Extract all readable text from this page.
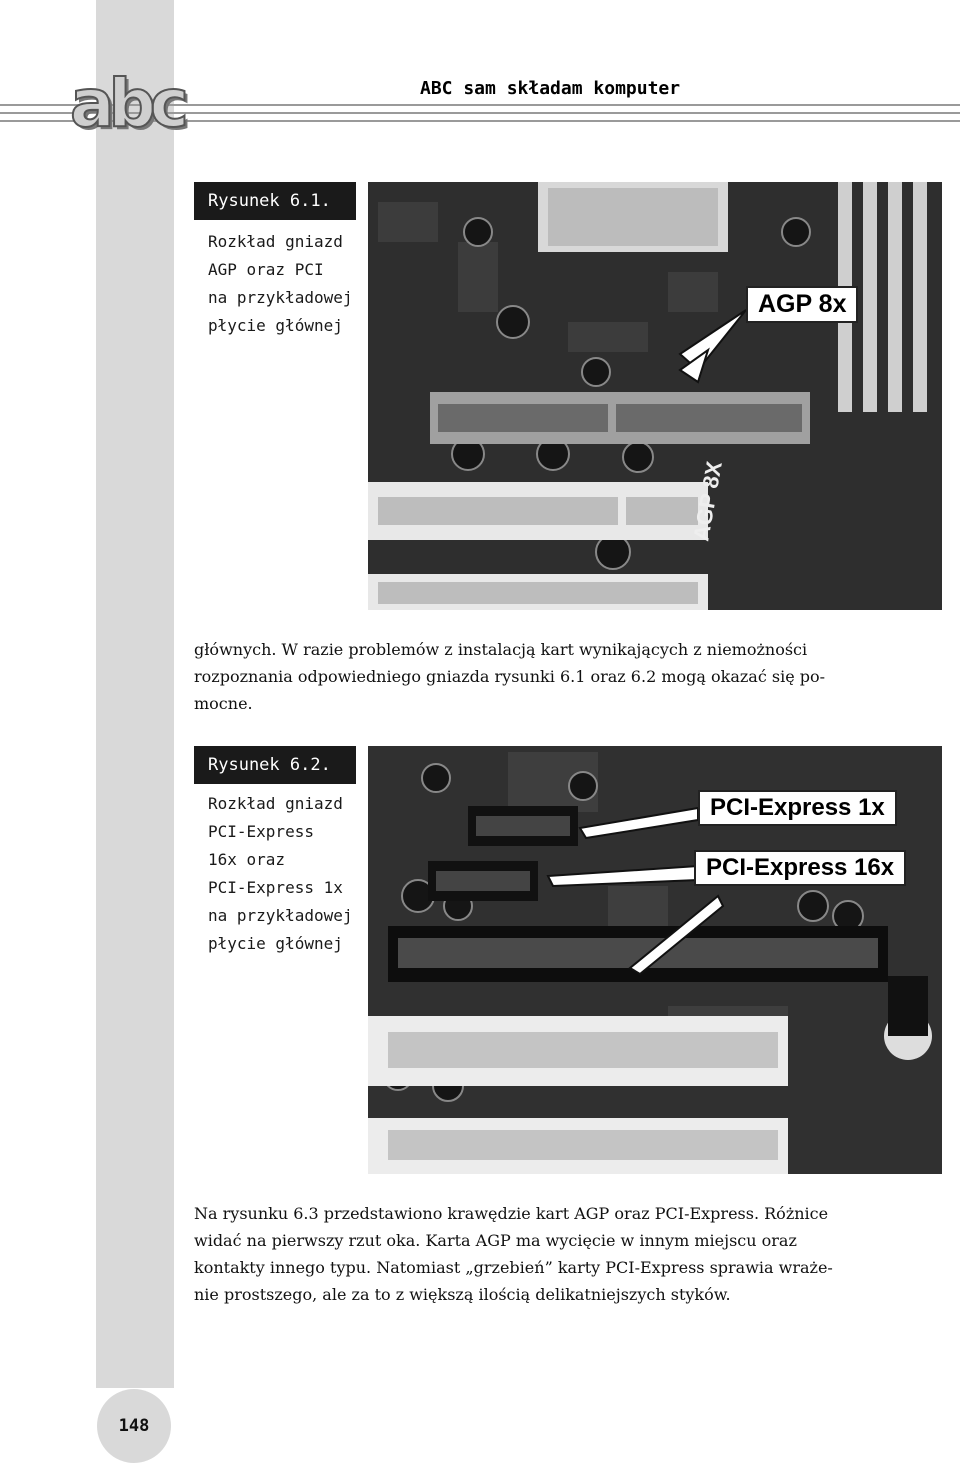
abc	ABC sam składam komputer
Rysunek 6.1.
Rozkład gniazd
AGP oraz PCI
na przykładowej
płycie głównej
AGP 8X
AGP 8x
głównych. W razie problemów z instalacją kart wynikających z niemożności
rozpoznania odpowiedniego gniazda rysunki 6.1 oraz 6.2 mogą okazać się po-
mocne.
Rysunek 6.2.
Rozkład gniazd
PCI-Express
16x oraz
PCI-Express 1x
na przykładowej
płycie głównej
PCI-Express 1x
PCI-Express 16x
Na rysunku 6.3 przedstawiono krawędzie kart AGP oraz PCI-Express. Różnice
widać na pierwszy rzut oka. Karta AGP ma wycięcie w innym miejscu oraz
kontakty innego typu. Natomiast „grzebień” karty PCI-Express sprawia wraże-
nie prostszego, ale za to z większą ilością delikatniejszych styków.
148
